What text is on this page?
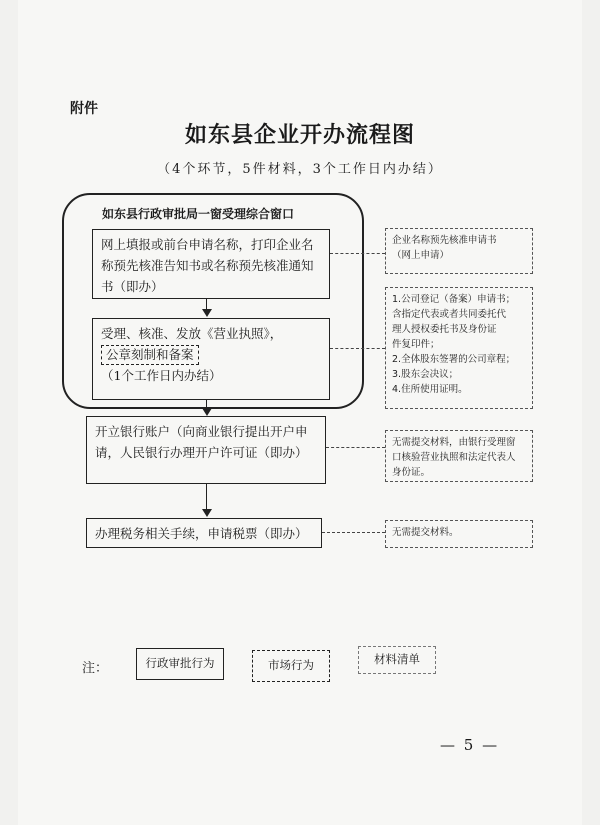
附件
如东县企业开办流程图
（4个环节，5件材料，3个工作日内办结）
如东县行政审批局一窗受理综合窗口
网上填报或前台申请名称，打印企业名称预先核准告知书或名称预先核准通知书（即办）
受理、核准、发放《营业执照》，
公章刻制和备案 （1个工作日内办结）
开立银行账户（向商业银行提出开户申请，人民银行办理开户许可证（即办）
办理税务相关手续，申请税票（即办）
企业名称预先核准申请书
（网上申请）
1.公司登记（备案）申请书；
含指定代表或者共同委托代
理人授权委托书及身份证
件复印件；
2.全体股东签署的公司章程；
3.股东会决议；
4.住所使用证明。
无需提交材料，由银行受理窗
口核验营业执照和法定代表人
身份证。
无需提交材料。
注：	行政审批行为	市场行为	材料清单
— 5 —
